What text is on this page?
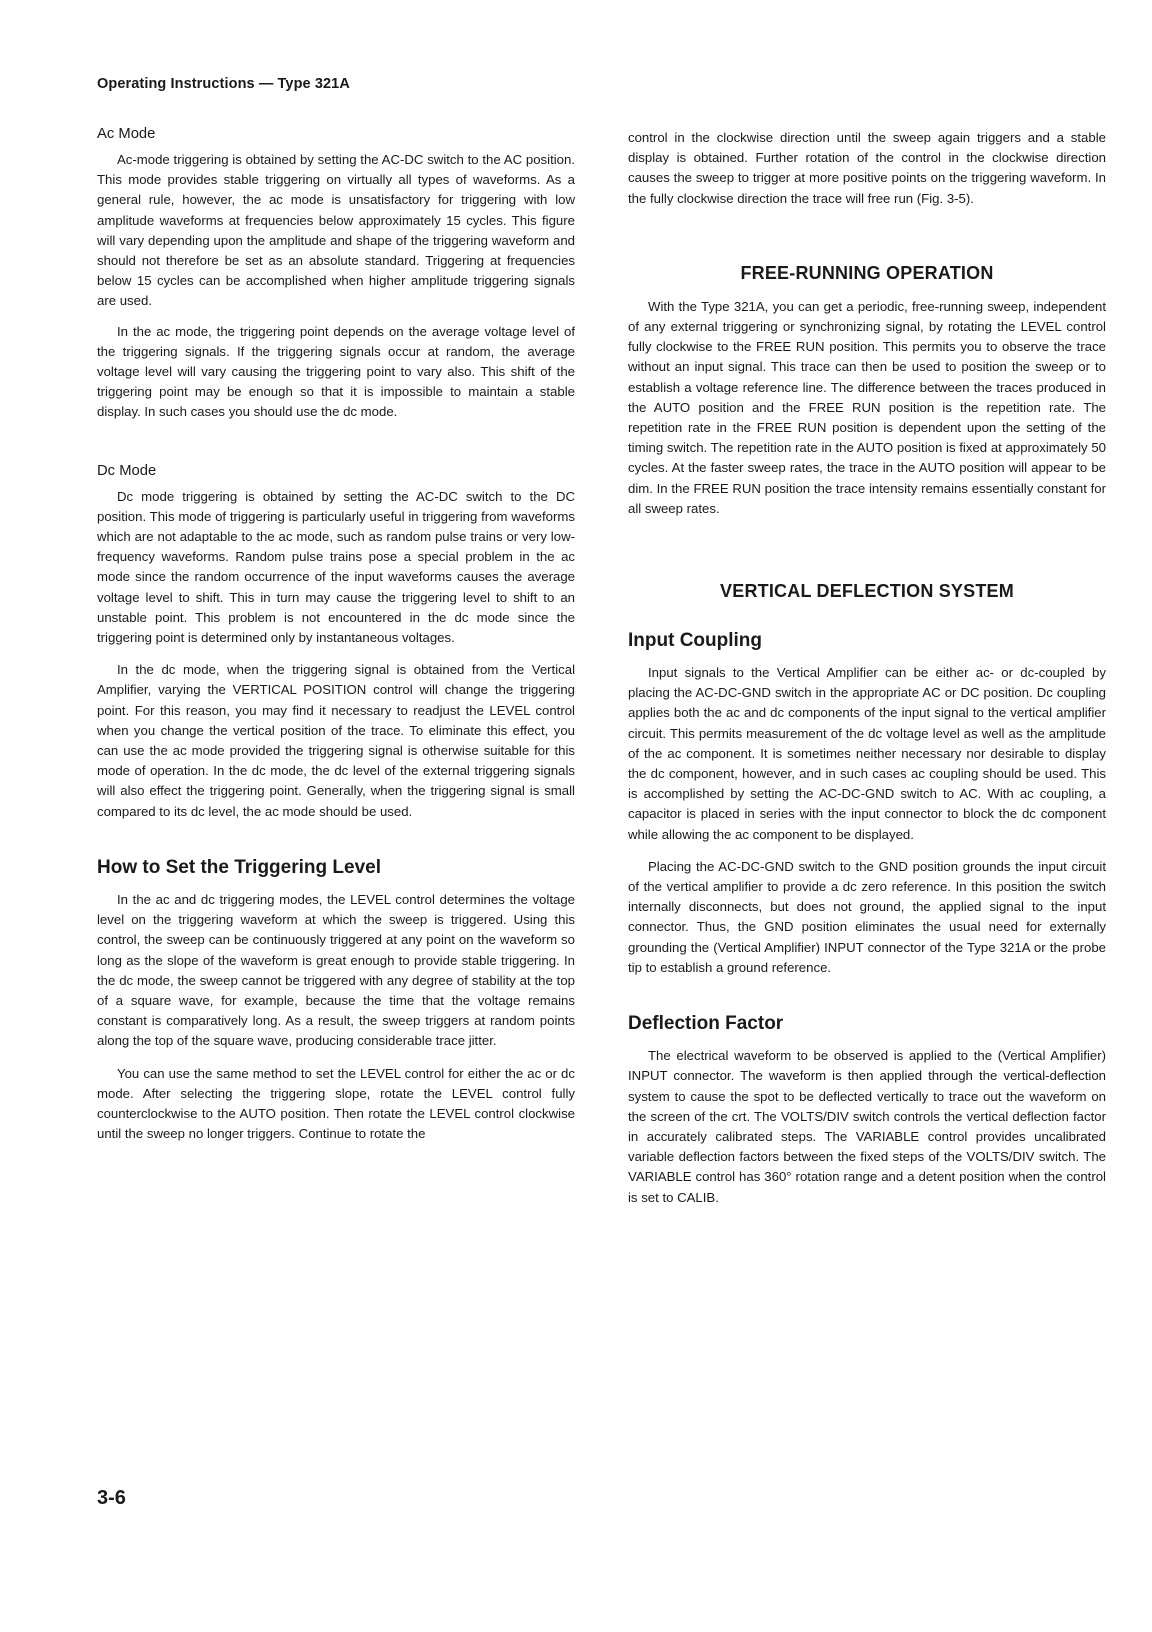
Operating Instructions — Type 321A
Ac Mode

Ac-mode triggering is obtained by setting the AC-DC switch to the AC position. This mode provides stable triggering on virtually all types of waveforms. As a general rule, however, the ac mode is unsatisfactory for triggering with low amplitude waveforms at frequencies below approximately 15 cycles. This figure will vary depending upon the amplitude and shape of the triggering waveform and should not therefore be set as an absolute standard. Triggering at frequencies below 15 cycles can be accomplished when higher amplitude triggering signals are used.

In the ac mode, the triggering point depends on the average voltage level of the triggering signals. If the triggering signals occur at random, the average voltage level will vary causing the triggering point to vary also. This shift of the triggering point may be enough so that it is impossible to maintain a stable display. In such cases you should use the dc mode.

Dc Mode

Dc mode triggering is obtained by setting the AC-DC switch to the DC position. This mode of triggering is particularly useful in triggering from waveforms which are not adaptable to the ac mode, such as random pulse trains or very low-frequency waveforms. Random pulse trains pose a special problem in the ac mode since the random occurrence of the input waveforms causes the average voltage level to shift. This in turn may cause the triggering level to shift to an unstable point. This problem is not encountered in the dc mode since the triggering point is determined only by instantaneous voltages.

In the dc mode, when the triggering signal is obtained from the Vertical Amplifier, varying the VERTICAL POSITION control will change the triggering point. For this reason, you may find it necessary to readjust the LEVEL control when you change the vertical position of the trace. To eliminate this effect, you can use the ac mode provided the triggering signal is otherwise suitable for this mode of operation. In the dc mode, the dc level of the external triggering signals will also effect the triggering point. Generally, when the triggering signal is small compared to its dc level, the ac mode should be used.

How to Set the Triggering Level

In the ac and dc triggering modes, the LEVEL control determines the voltage level on the triggering waveform at which the sweep is triggered. Using this control, the sweep can be continuously triggered at any point on the waveform so long as the slope of the waveform is great enough to provide stable triggering. In the dc mode, the sweep cannot be triggered with any degree of stability at the top of a square wave, for example, because the time that the voltage remains constant is comparatively long. As a result, the sweep triggers at random points along the top of the square wave, producing considerable trace jitter.

You can use the same method to set the LEVEL control for either the ac or dc mode. After selecting the triggering slope, rotate the LEVEL control fully counterclockwise to the AUTO position. Then rotate the LEVEL control clockwise until the sweep no longer triggers. Continue to rotate the

control in the clockwise direction until the sweep again triggers and a stable display is obtained. Further rotation of the control in the clockwise direction causes the sweep to trigger at more positive points on the triggering waveform. In the fully clockwise direction the trace will free run (Fig. 3-5).

FREE-RUNNING OPERATION

With the Type 321A, you can get a periodic, free-running sweep, independent of any external triggering or synchronizing signal, by rotating the LEVEL control fully clockwise to the FREE RUN position. This permits you to observe the trace without an input signal. This trace can then be used to position the sweep or to establish a voltage reference line. The difference between the traces produced in the AUTO position and the FREE RUN position is the repetition rate. The repetition rate in the FREE RUN position is dependent upon the setting of the timing switch. The repetition rate in the AUTO position is fixed at approximately 50 cycles. At the faster sweep rates, the trace in the AUTO position will appear to be dim. In the FREE RUN position the trace intensity remains essentially constant for all sweep rates.

VERTICAL DEFLECTION SYSTEM
Input Coupling

Input signals to the Vertical Amplifier can be either ac- or dc-coupled by placing the AC-DC-GND switch in the appropriate AC or DC position. Dc coupling applies both the ac and dc components of the input signal to the vertical amplifier circuit. This permits measurement of the dc voltage level as well as the amplitude of the ac component. It is sometimes neither necessary nor desirable to display the dc component, however, and in such cases ac coupling should be used. This is accomplished by setting the AC-DC-GND switch to AC. With ac coupling, a capacitor is placed in series with the input connector to block the dc component while allowing the ac component to be displayed.

Placing the AC-DC-GND switch to the GND position grounds the input circuit of the vertical amplifier to provide a dc zero reference. In this position the switch internally disconnects, but does not ground, the applied signal to the input connector. Thus, the GND position eliminates the usual need for externally grounding the (Vertical Amplifier) INPUT connector of the Type 321A or the probe tip to establish a ground reference.

Deflection Factor

The electrical waveform to be observed is applied to the (Vertical Amplifier) INPUT connector. The waveform is then applied through the vertical-deflection system to cause the spot to be deflected vertically to trace out the waveform on the screen of the crt. The VOLTS/DIV switch controls the vertical deflection factor in accurately calibrated steps. The VARIABLE control provides uncalibrated variable deflection factors between the fixed steps of the VOLTS/DIV switch. The VARIABLE control has 360° rotation range and a detent position when the control is set to CALIB.

3-6
